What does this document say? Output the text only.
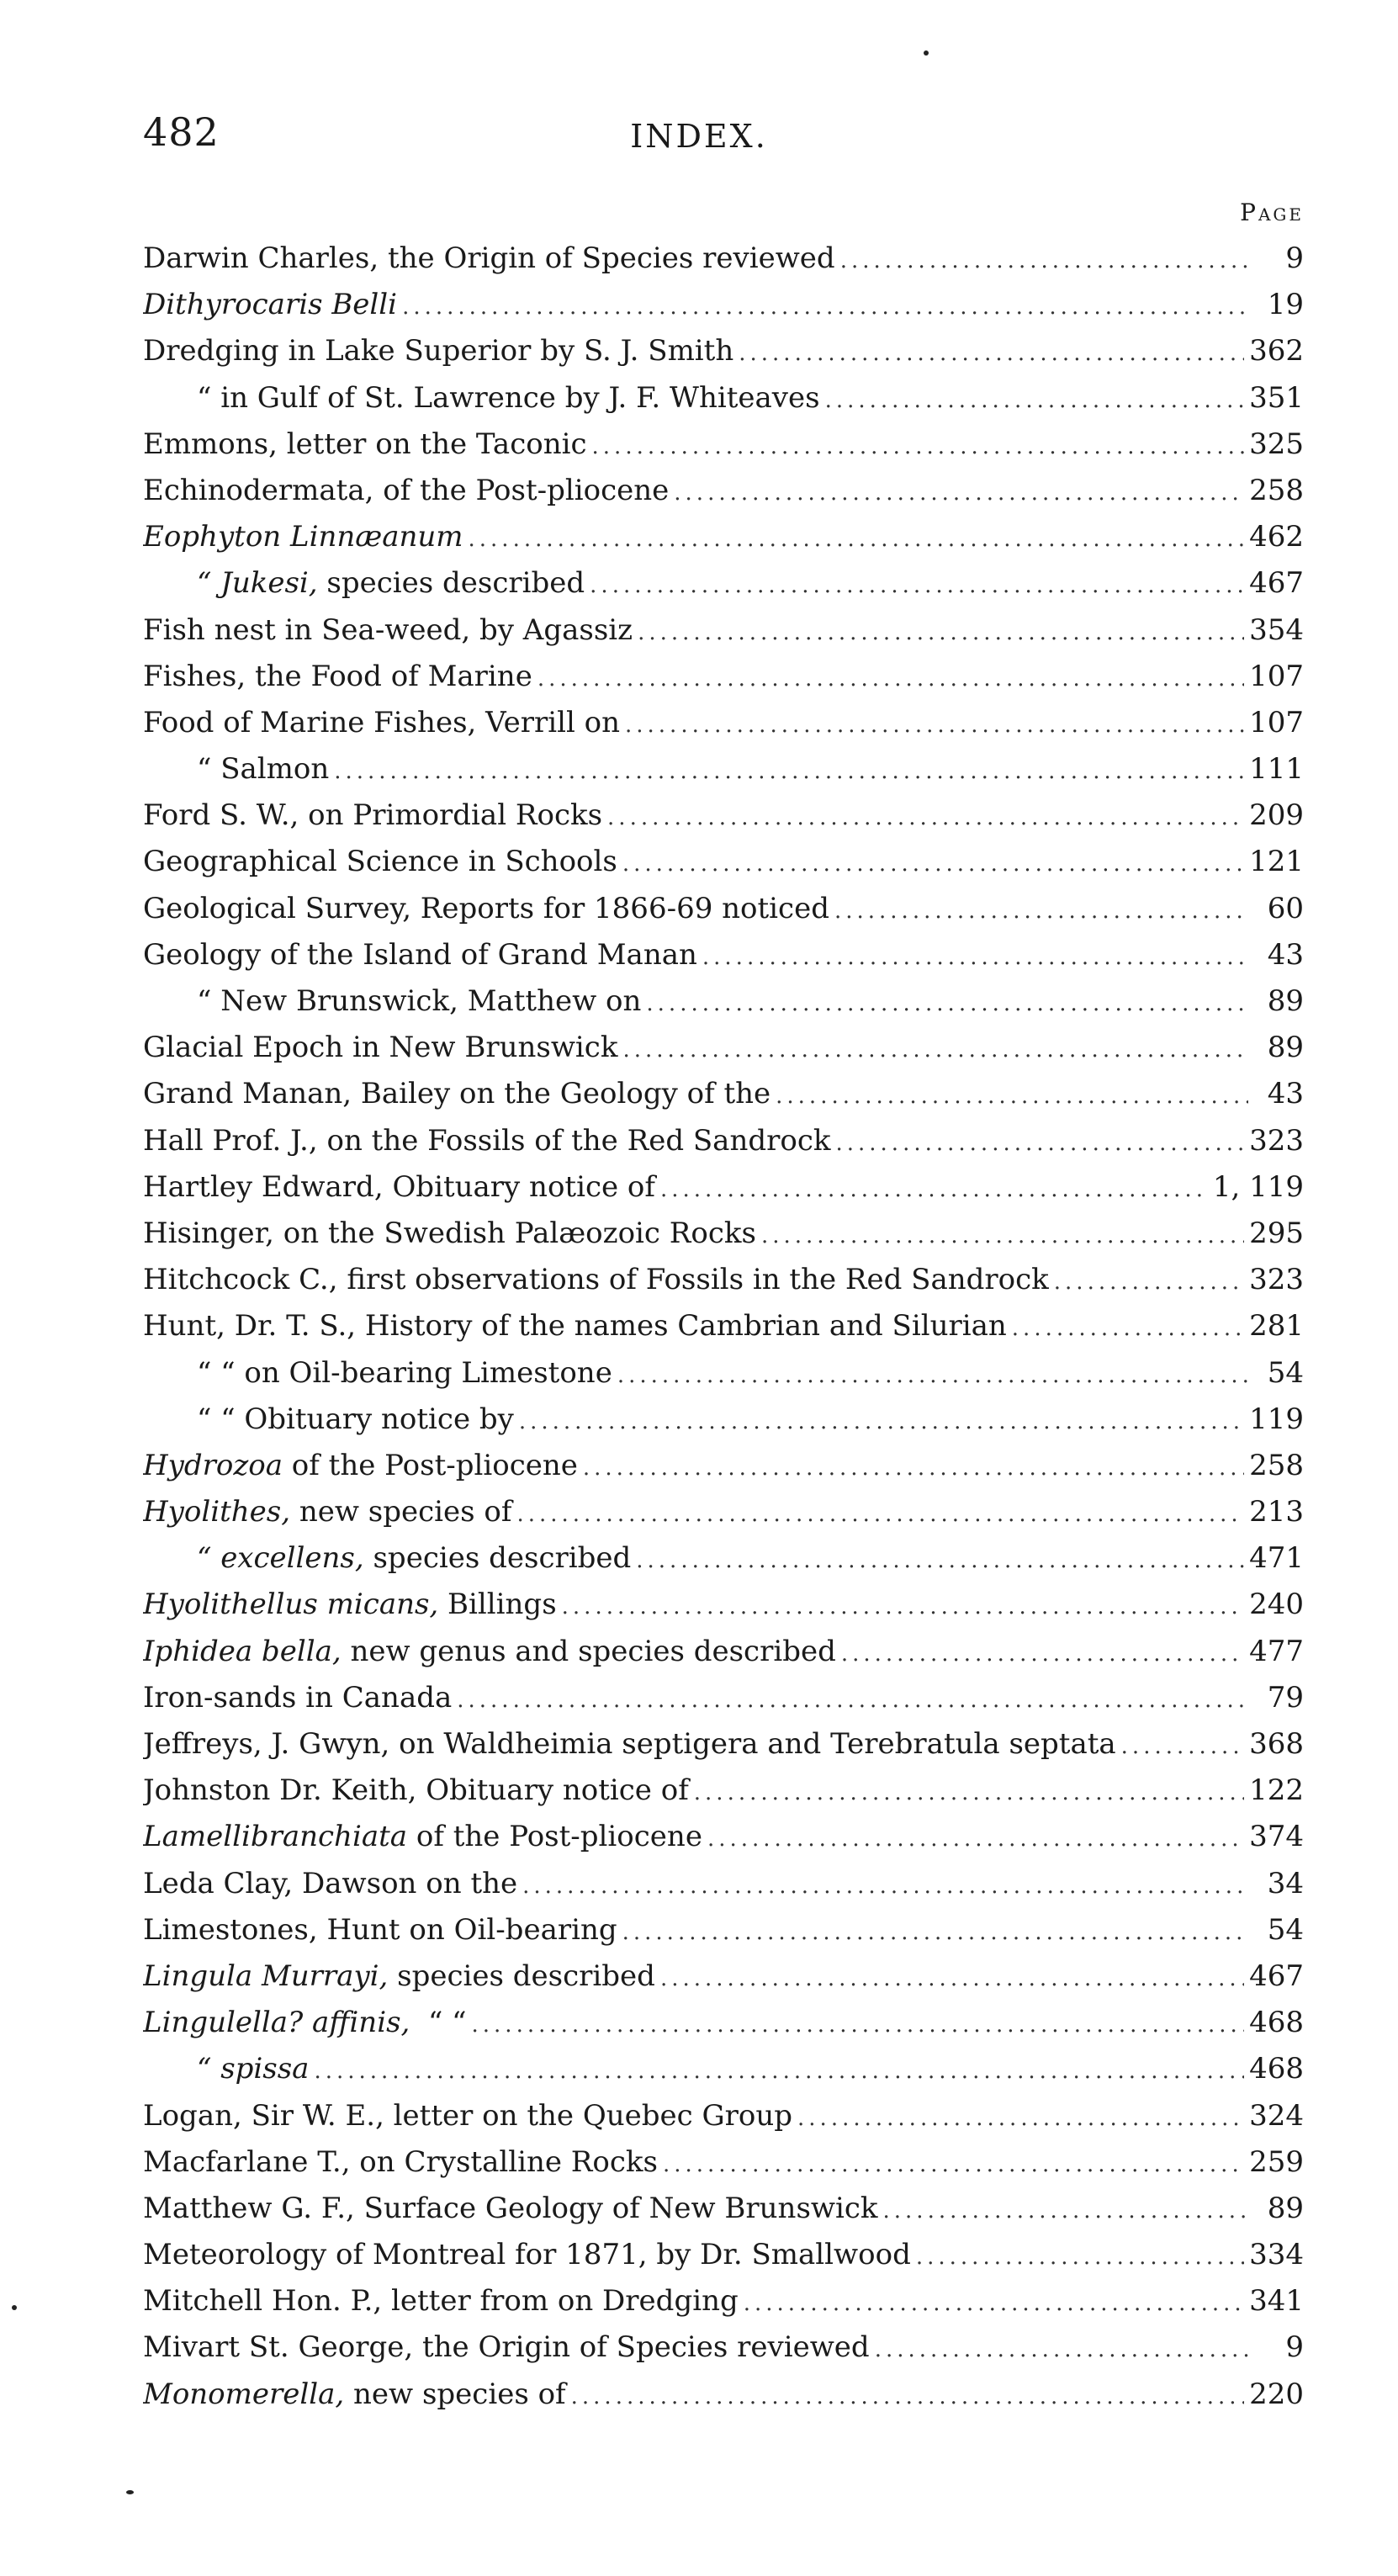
482	INDEX.
Page
Darwin Charles, the Origin of Species reviewed .....	9
Dithyrocaris Belli .....	19
Dredging in Lake Superior by S. J. Smith .....	362
“ in Gulf of St. Lawrence by J. F. Whiteaves .....	351
Emmons, letter on the Taconic .....	325
Echinodermata, of the Post-pliocene .....	258
Eophyton Linnæanum .....	462
“ Jukesi, species described .....	467
Fish nest in Sea-weed, by Agassiz .....	354
Fishes, the Food of Marine .....	107
Food of Marine Fishes, Verrill on .....	107
“ Salmon .....	111
Ford S. W., on Primordial Rocks .....	209
Geographical Science in Schools .....	121
Geological Survey, Reports for 1866-69 noticed .....	60
Geology of the Island of Grand Manan .....	43
“ New Brunswick, Matthew on .....	89
Glacial Epoch in New Brunswick .....	89
Grand Manan, Bailey on the Geology of the .....	43
Hall Prof. J., on the Fossils of the Red Sandrock .....	323
Hartley Edward, Obituary notice of .....	1, 119
Hisinger, on the Swedish Palæozoic Rocks .....	295
Hitchcock C., first observations of Fossils in the Red Sandrock .....	323
Hunt, Dr. T. S., History of the names Cambrian and Silurian .....	281
“ “ on Oil-bearing Limestone .....	54
“ “ Obituary notice by .....	119
Hydrozoa of the Post-pliocene .....	258
Hyolithes, new species of .....	213
“ excellens, species described .....	471
Hyolithellus micans, Billings .....	240
Iphidea bella, new genus and species described .....	477
Iron-sands in Canada .....	79
Jeffreys, J. Gwyn, on Waldheimia septigera and Terebratula septata .....	368
Johnston Dr. Keith, Obituary notice of .....	122
Lamellibranchiata of the Post-pliocene .....	374
Leda Clay, Dawson on the .....	34
Limestones, Hunt on Oil-bearing .....	54
Lingula Murrayi, species described .....	467
Lingulella? affinis, “ “ .....	468
“ spissa .....	468
Logan, Sir W. E., letter on the Quebec Group .....	324
Macfarlane T., on Crystalline Rocks .....	259
Matthew G. F., Surface Geology of New Brunswick .....	89
Meteorology of Montreal for 1871, by Dr. Smallwood .....	334
Mitchell Hon. P., letter from on Dredging .....	341
Mivart St. George, the Origin of Species reviewed .....	9
Monomerella, new species of .....	220
